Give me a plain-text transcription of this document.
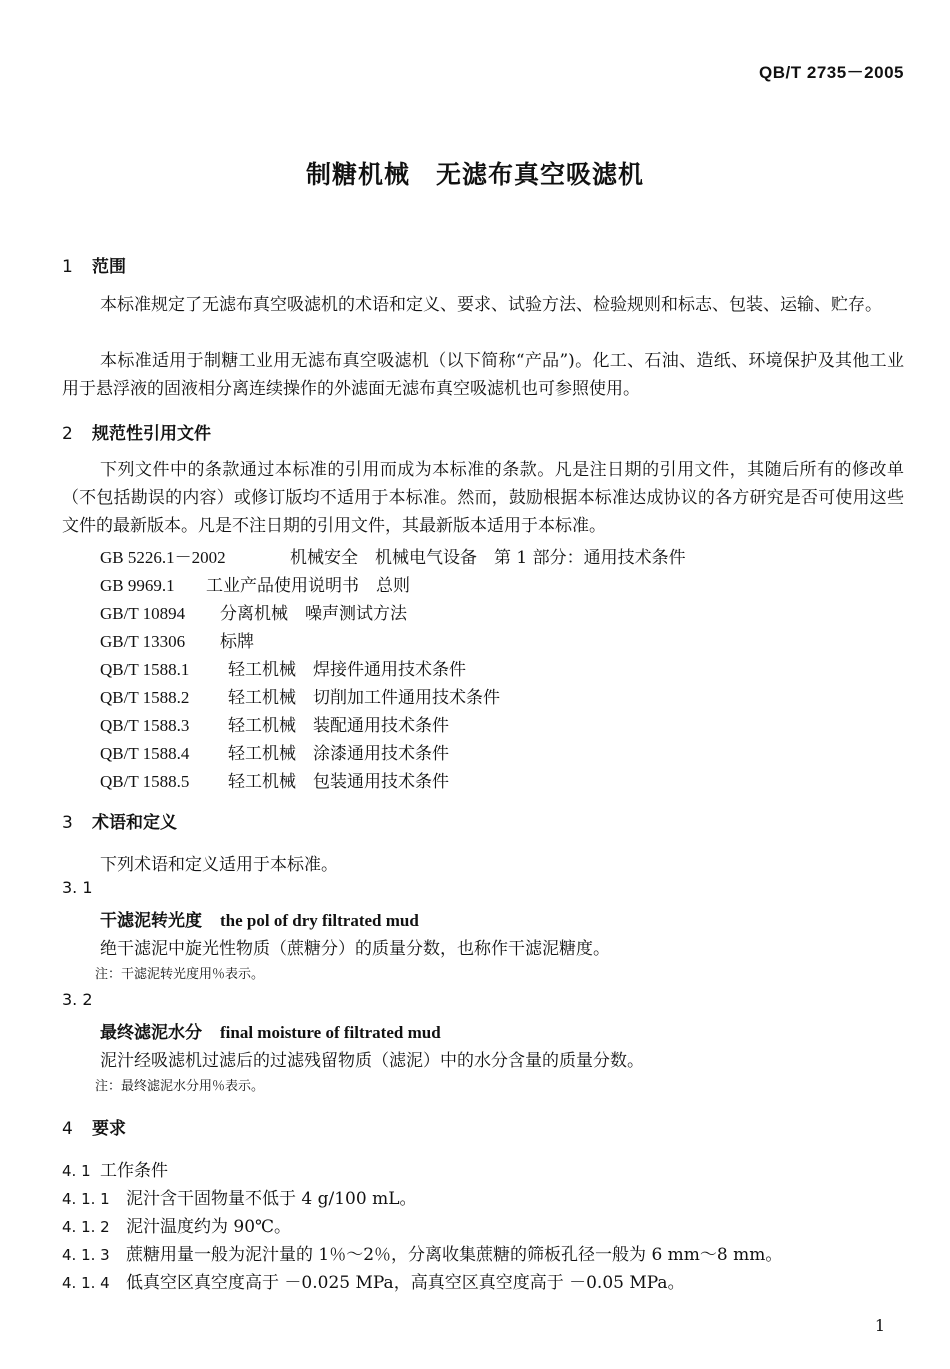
QB/T 2735－2005
制糖机械　无滤布真空吸滤机
1 范围
本标准规定了无滤布真空吸滤机的术语和定义、要求、试验方法、检验规则和标志、包装、运输、贮存。
本标准适用于制糖工业用无滤布真空吸滤机（以下简称“产品”)。化工、石油、造纸、环境保护及其他工业用于悬浮液的固液相分离连续操作的外滤面无滤布真空吸滤机也可参照使用。
2 规范性引用文件
下列文件中的条款通过本标准的引用而成为本标准的条款。凡是注日期的引用文件，其随后所有的修改单（不包括勘误的内容）或修订版均不适用于本标准。然而，鼓励根据本标准达成协议的各方研究是否可使用这些文件的最新版本。凡是不注日期的引用文件，其最新版本适用于本标准。
GB 5226.1－2002	机械安全　机械电气设备　第 1 部分：通用技术条件
GB 9969.1 工业产品使用说明书　总则
GB/T 10894 分离机械　噪声测试方法
GB/T 13306 标牌
QB/T 1588.1 轻工机械　焊接件通用技术条件
QB/T 1588.2 轻工机械　切削加工件通用技术条件
QB/T 1588.3 轻工机械　装配通用技术条件
QB/T 1588.4 轻工机械　涂漆通用技术条件
QB/T 1588.5 轻工机械　包装通用技术条件
3 术语和定义
下列术语和定义适用于本标准。
3. 1
干滤泥转光度 the pol of dry filtrated mud
绝干滤泥中旋光性物质（蔗糖分）的质量分数，也称作干滤泥糖度。
注：干滤泥转光度用％表示。
3. 2
最终滤泥水分 final moisture of filtrated mud
泥汁经吸滤机过滤后的过滤残留物质（滤泥）中的水分含量的质量分数。
注：最终滤泥水分用％表示。
4 要求
4. 1 工作条件
4. 1. 1 泥汁含干固物量不低于 4 g/100 mL。
4. 1. 2 泥汁温度约为 90℃。
4. 1. 3 蔗糖用量一般为泥汁量的 1％～2％，分离收集蔗糖的筛板孔径一般为 6 mm～8 mm。
4. 1. 4 低真空区真空度高于 －0.025 MPa，高真空区真空度高于 －0.05 MPa。
1
